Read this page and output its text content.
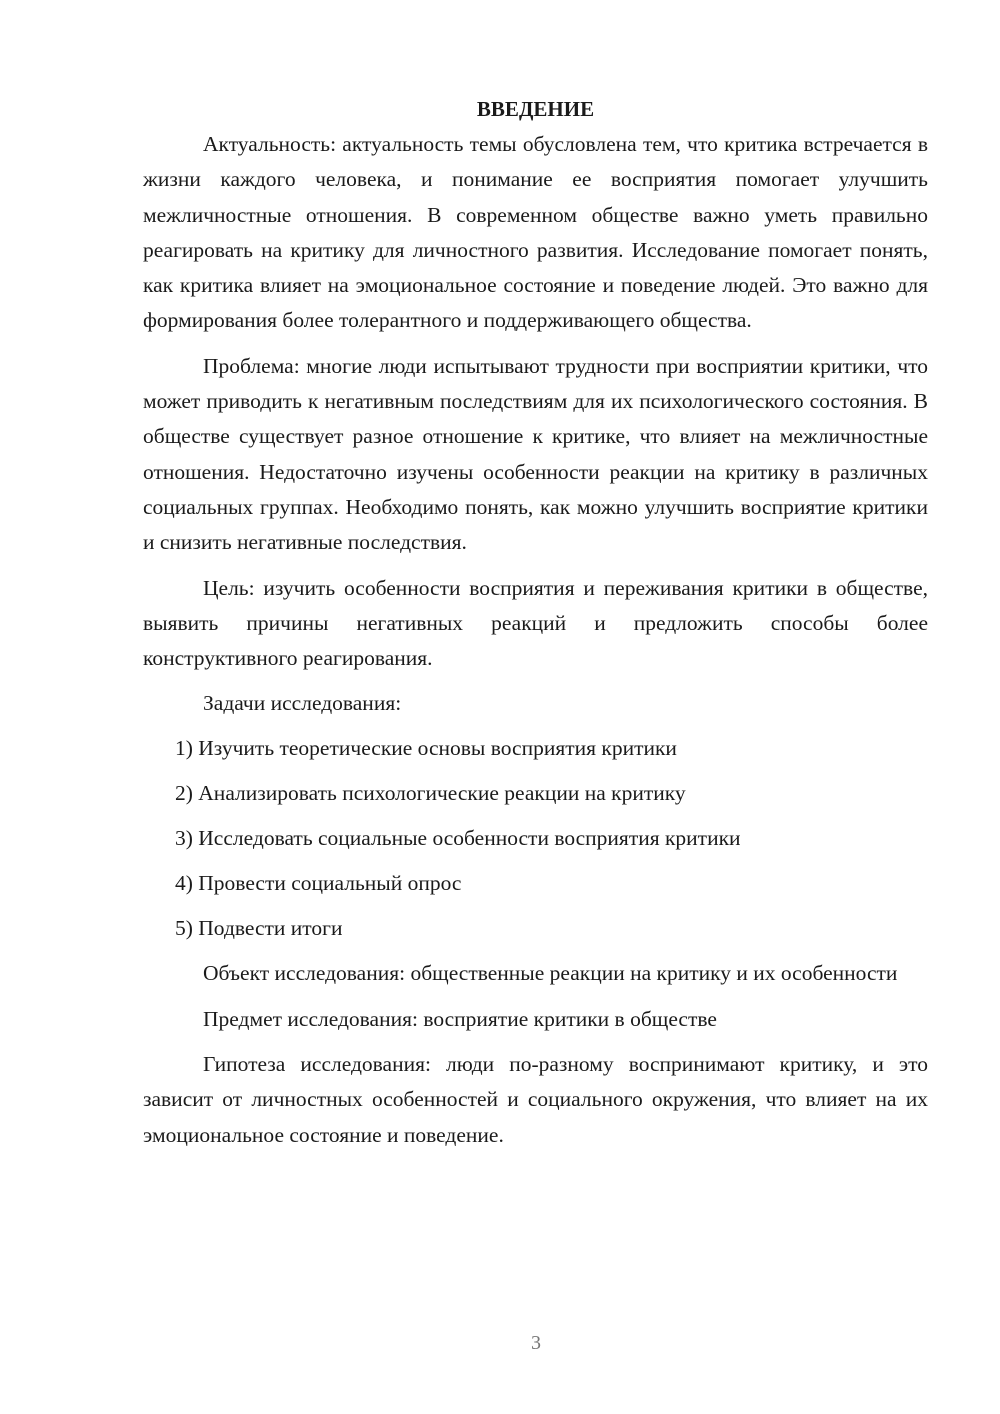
ВВЕДЕНИЕ

Актуальность: актуальность темы обусловлена тем, что критика встречается в жизни каждого человека, и понимание ее восприятия помогает улучшить межличностные отношения. В современном обществе важно уметь правильно реагировать на критику для личностного развития. Исследование помогает понять, как критика влияет на эмоциональное состояние и поведение людей. Это важно для формирования более толерантного и поддерживающего общества.

Проблема: многие люди испытывают трудности при восприятии критики, что может приводить к негативным последствиям для их психологического состояния. В обществе существует разное отношение к критике, что влияет на межличностные отношения. Недостаточно изучены особенности реакции на критику в различных социальных группах. Необходимо понять, как можно улучшить восприятие критики и снизить негативные последствия.

Цель: изучить особенности восприятия и переживания критики в обществе, выявить причины негативных реакций и предложить способы более конструктивного реагирования.

Задачи исследования:

1) Изучить теоретические основы восприятия критики
2) Анализировать психологические реакции на критику
3) Исследовать социальные особенности восприятия критики
4) Провести социальный опрос
5) Подвести итоги

Объект исследования: общественные реакции на критику и их особенности

Предмет исследования: восприятие критики в обществе

Гипотеза исследования: люди по-разному воспринимают критику, и это зависит от личностных особенностей и социального окружения, что влияет на их эмоциональное состояние и поведение.

3
